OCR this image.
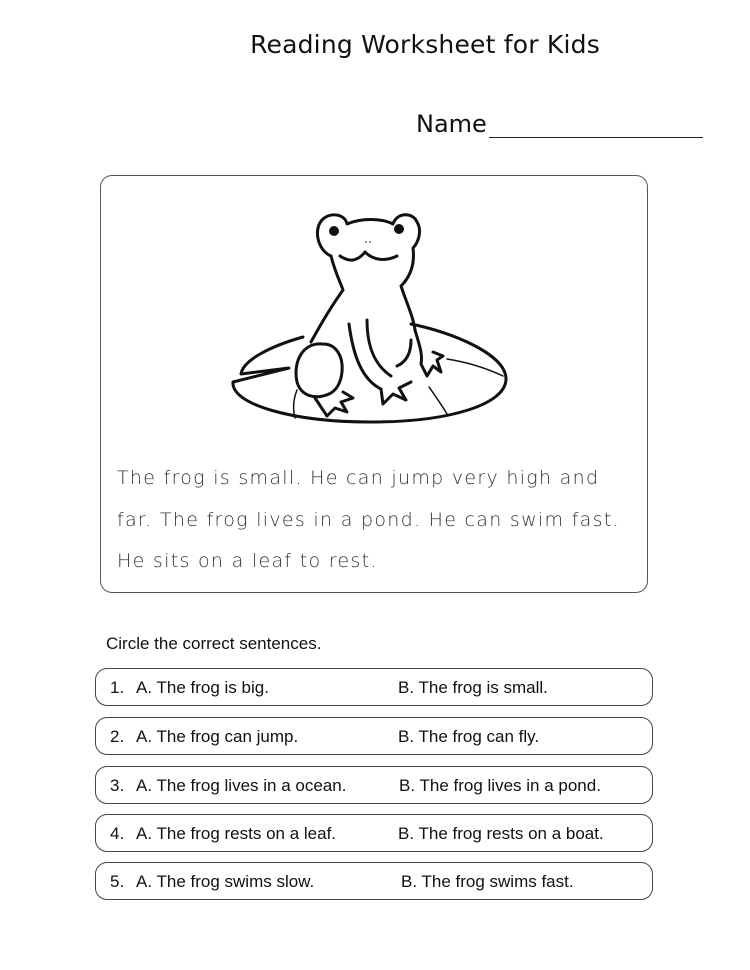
Reading Worksheet for Kids
Name
The frog is small. He can jump very high and
far. The frog lives in a pond. He can swim fast.
He sits on a leaf to rest.
Circle the correct sentences.
1. A. The frog is big.	B. The frog is small.
2. A. The frog can jump.	B. The frog can fly.
3. A. The frog lives in a ocean.	B. The frog lives in a pond.
4. A. The frog rests on a leaf.	B. The frog rests on a boat.
5. A. The frog swims slow.	B. The frog swims fast.
